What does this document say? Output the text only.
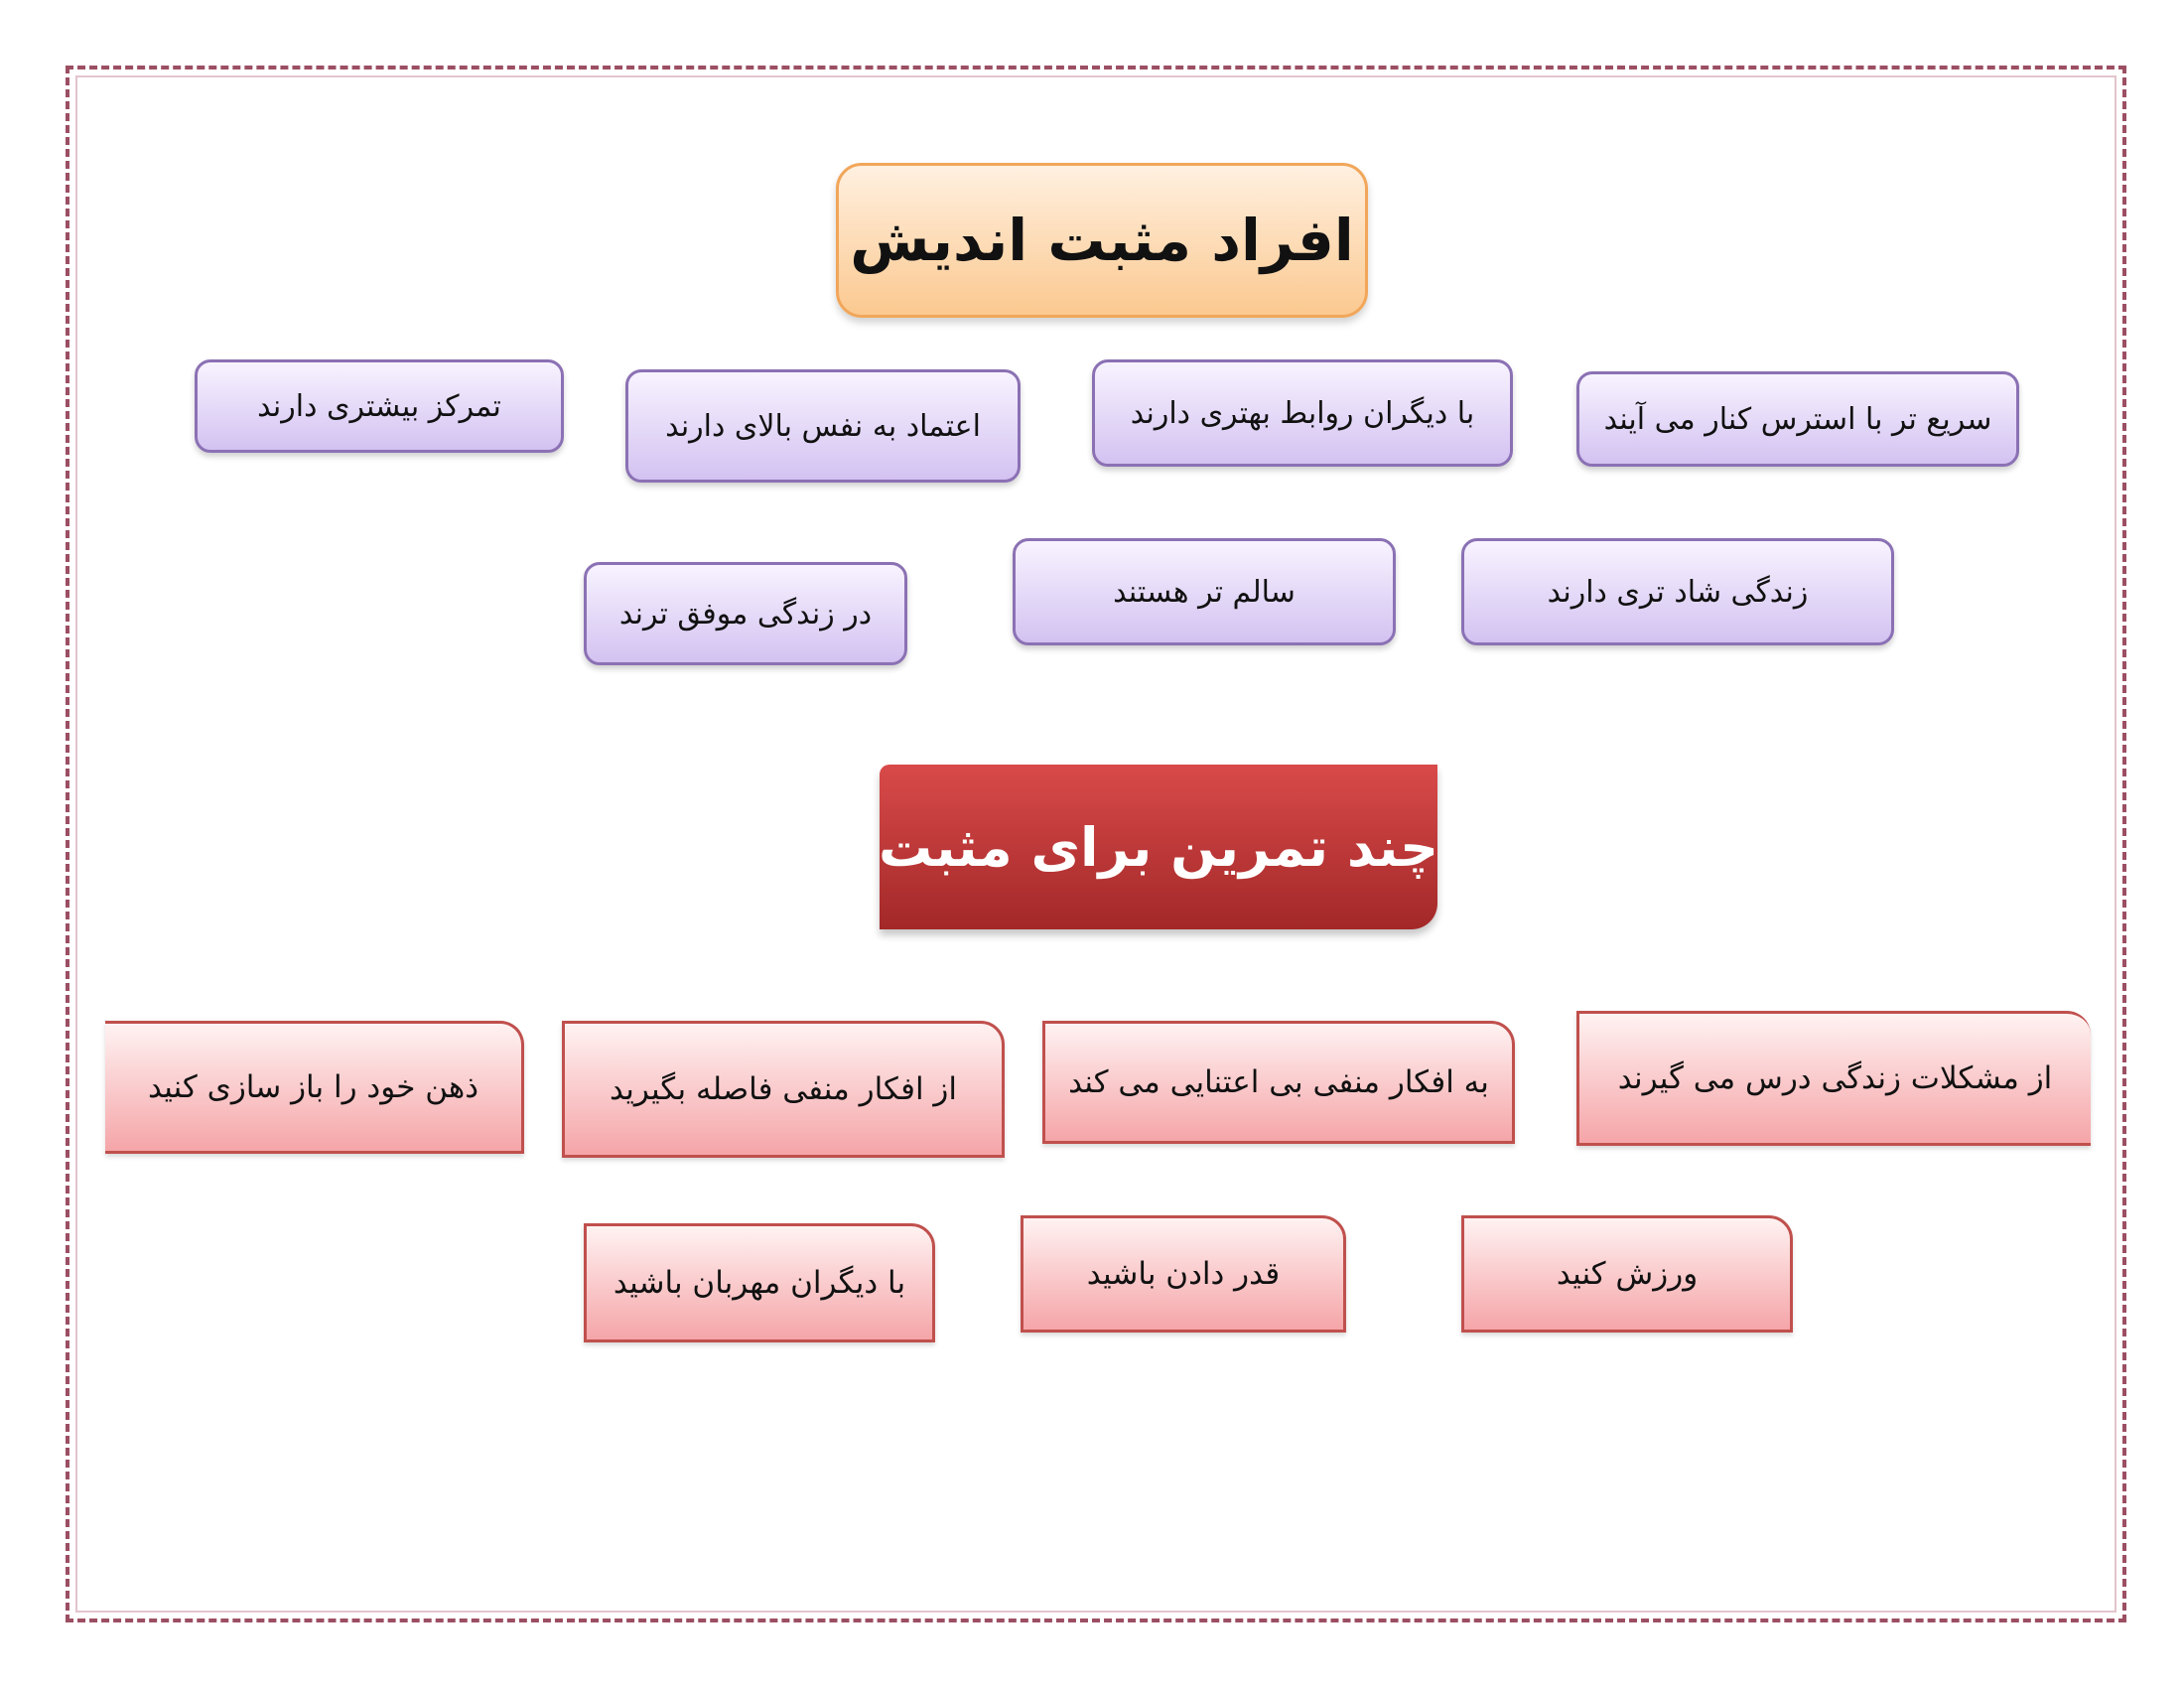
افراد مثبت اندیش
تمرکز بیشتری دارند
اعتماد به نفس بالای دارند	با دیگران روابط بهتری دارند	سریع تر با استرس کنار می آیند
در زندگی موفق ترند
سالم تر هستند	زندگی شاد تری دارند
چند تمرین برای مثبت
ذهن خود را باز سازی کنید	از افکار منفی فاصله بگیرید	به افکار منفی بی اعتنایی می کند	از مشکلات زندگی درس می گیرند
با دیگران مهربان باشید	قدر دادن باشید	ورزش کنید
